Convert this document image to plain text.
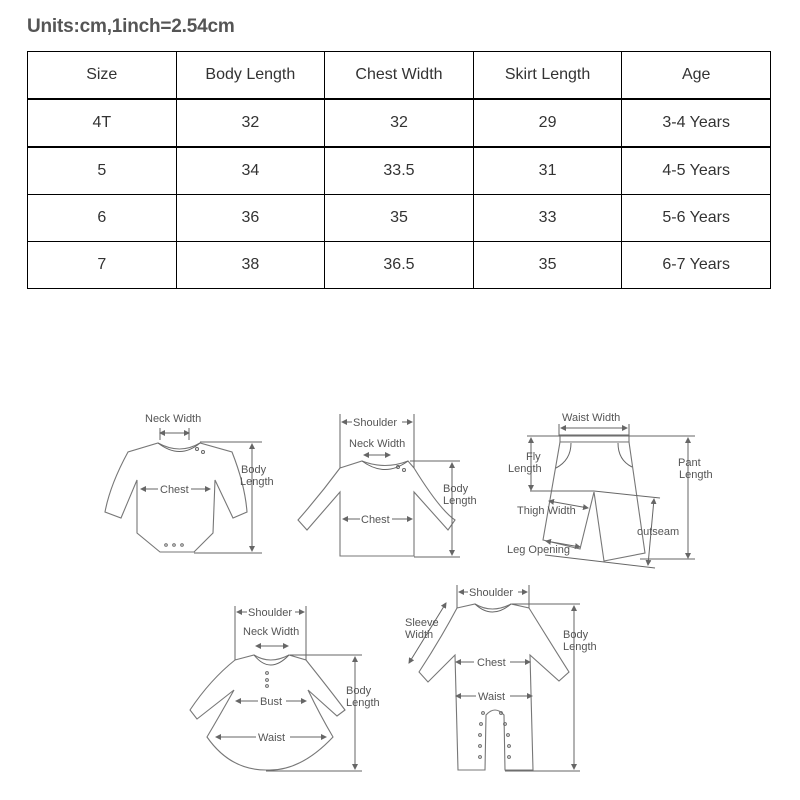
Units:cm,1inch=2.54cm
Size	Body Length	Chest Width	Skirt Length	Age
4T	32	32	29	3-4 Years
5	34	33.5	31	4-5 Years
6	36	35	33	5-6 Years
7	38	36.5	35	6-7 Years
Neck Width
Chest
Body
Length
Shoulder
Neck Width
Chest
Body
Length
Waist Width
Fly
Length	Pant
Length
Thigh Width
outseam
Leg Opening
Shoulder
Neck Width
Bust
Waist
Body
Length
Shoulder
Sleeve
Width
Chest
Waist
Body
Length
